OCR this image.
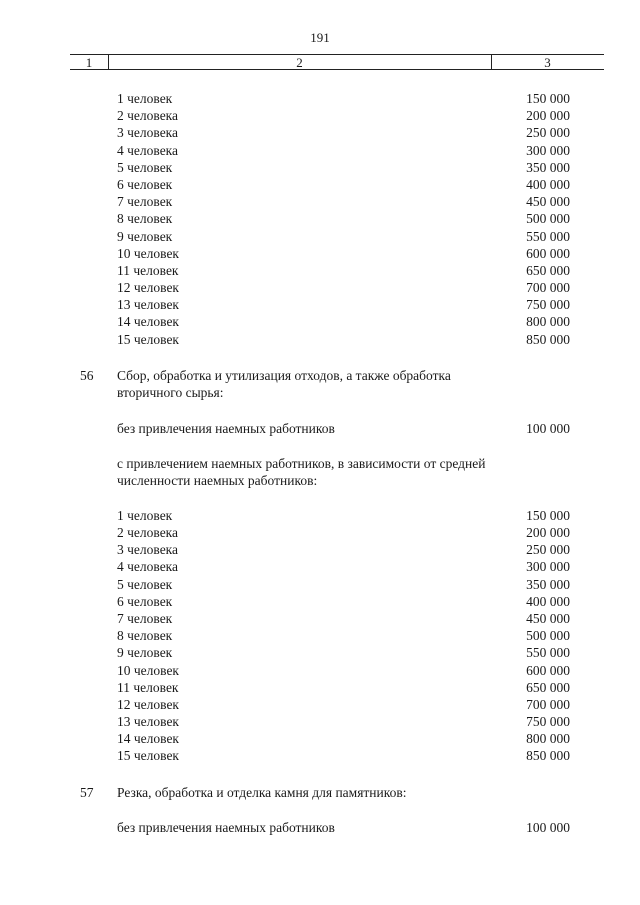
191
1	2	3
1 человек	150 000
2 человека	200 000
3 человека	250 000
4 человека	300 000
5 человек	350 000
6 человек	400 000
7 человек	450 000
8 человек	500 000
9 человек	550 000
10 человек	600 000
11 человек	650 000
12 человек	700 000
13 человек	750 000
14 человек	800 000
15 человек	850 000
56 Сбор, обработка и утилизация отходов, а также обработка вторичного сырья:
без привлечения наемных работников	100 000
с привлечением наемных работников, в зависимости от средней численности наемных работников:
1 человек	150 000
2 человека	200 000
3 человека	250 000
4 человека	300 000
5 человек	350 000
6 человек	400 000
7 человек	450 000
8 человек	500 000
9 человек	550 000
10 человек	600 000
11 человек	650 000
12 человек	700 000
13 человек	750 000
14 человек	800 000
15 человек	850 000
57 Резка, обработка и отделка камня для памятников:
без привлечения наемных работников	100 000
